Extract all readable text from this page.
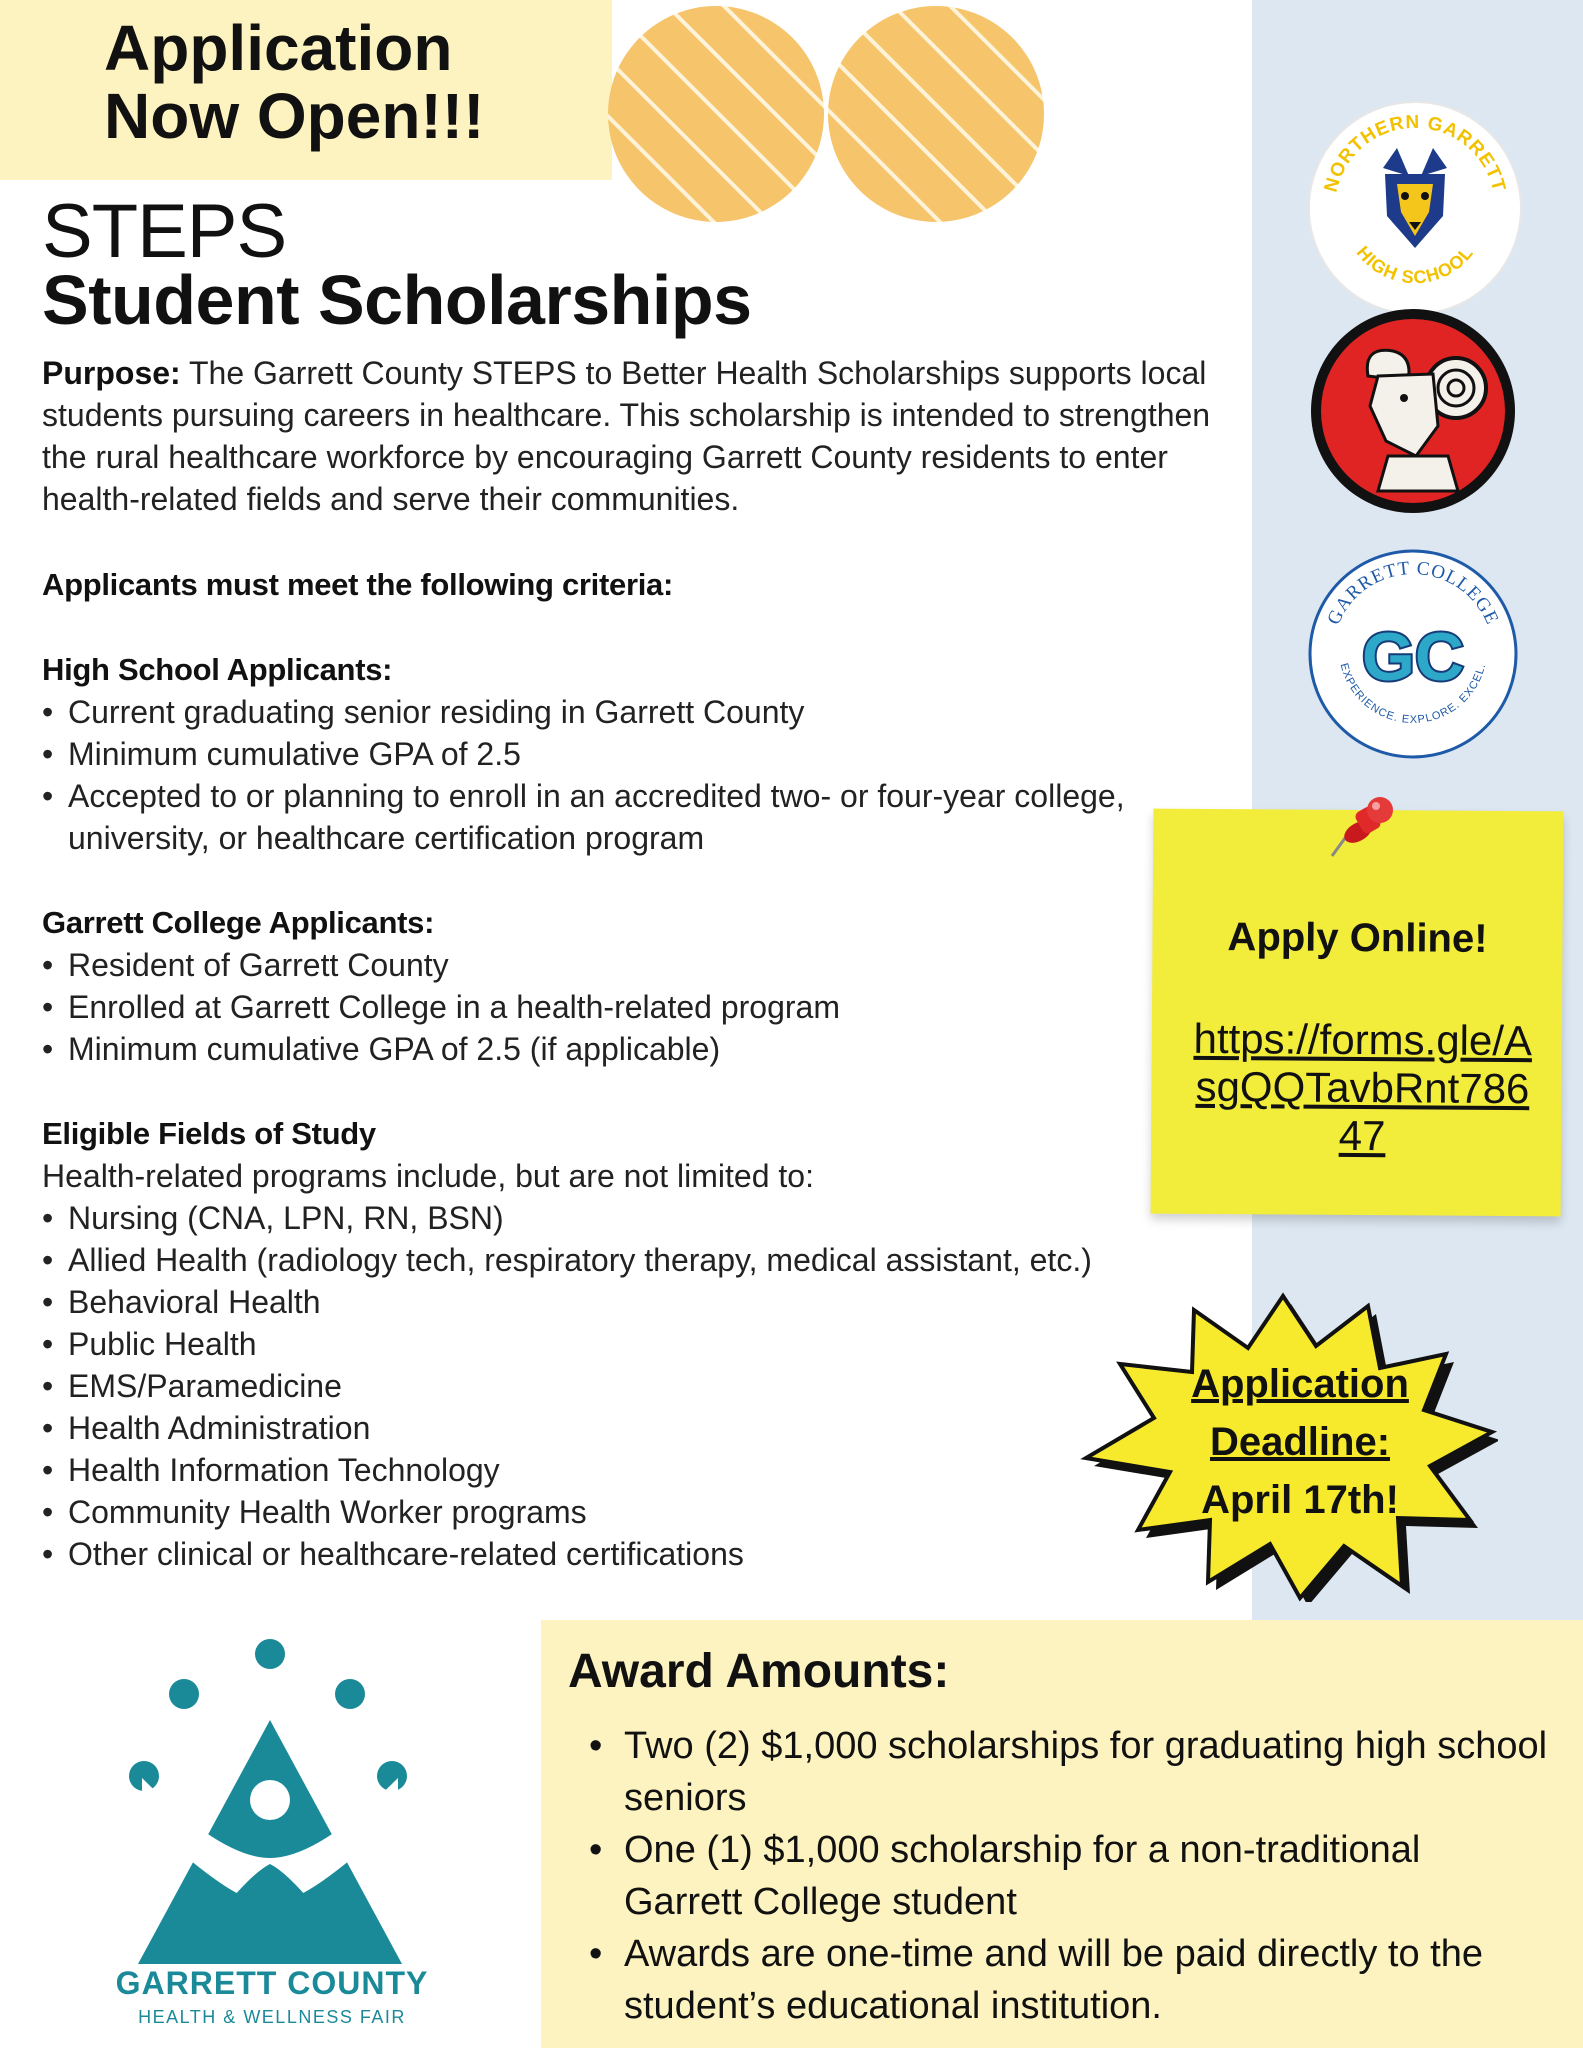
Application
Now Open!!!
STEPS
Student Scholarships

Purpose: The Garrett County STEPS to Better Health Scholarships supports local students pursuing careers in healthcare. This scholarship is intended to strengthen the rural healthcare workforce by encouraging Garrett County residents to enter health-related fields and serve their communities.

Applicants must meet the following criteria:
High School Applicants:
• Current graduating senior residing in Garrett County
• Minimum cumulative GPA of 2.5
• Accepted to or planning to enroll in an accredited two- or four-year college, university, or healthcare certification program
Garrett College Applicants:
• Resident of Garrett County
• Enrolled at Garrett College in a health-related program
• Minimum cumulative GPA of 2.5 (if applicable)
Eligible Fields of Study

Health-related programs include, but are not limited to:

• Nursing (CNA, LPN, RN, BSN)
• Allied Health (radiology tech, respiratory therapy, medical assistant, etc.)
• Behavioral Health
• Public Health
• EMS/Paramedicine
• Health Administration
• Health Information Technology
• Community Health Worker programs
• Other clinical or healthcare-related certifications
NORTHERN GARRETT
HIGH SCHOOL
GARRETT COLLEGE
EXPERIENCE. EXPLORE. EXCEL.
GC
Apply Online!
https://forms.gle/AsgQQTavbRnt78647
Application
Deadline:
April 17th!
Award Amounts:
• Two (2) $1,000 scholarships for graduating high school seniors
• One (1) $1,000 scholarship for a non-traditional Garrett College student
• Awards are one-time and will be paid directly to the student’s educational institution.
GARRETT COUNTY
HEALTH & WELLNESS FAIR
